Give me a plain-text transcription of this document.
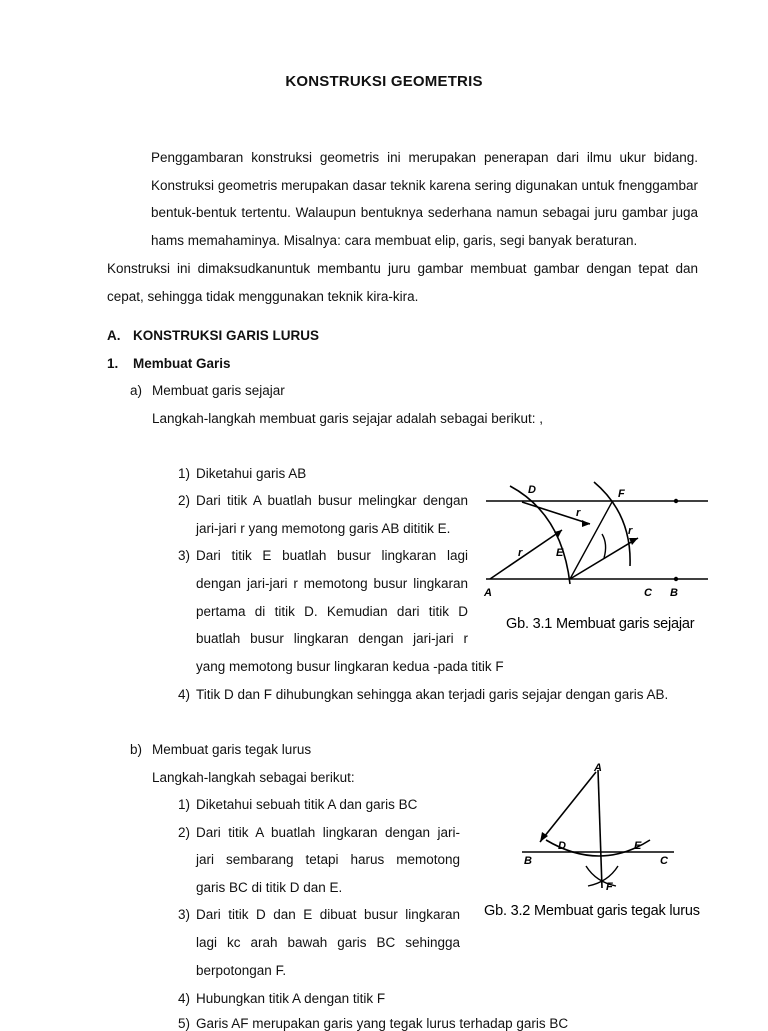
KONSTRUKSI GEOMETRIS
Penggambaran konstruksi geometris ini merupakan penerapan dari ilmu ukur bidang. Konstruksi geometris merupakan dasar teknik karena sering digunakan untuk fnenggambar bentuk-bentuk tertentu. Walaupun bentuknya sederhana namun sebagai juru gambar juga hams memahaminya. Misalnya: cara membuat elip, garis, segi banyak beraturan.
Konstruksi ini dimaksudkanuntuk membantu juru gambar membuat gambar dengan tepat dan cepat, sehingga tidak menggunakan teknik kira-kira.
A. KONSTRUKSI GARIS LURUS
1. Membuat Garis
a) Membuat garis sejajar
Langkah-langkah membuat garis sejajar adalah sebagai berikut: ,
1) Diketahui garis AB
2) Dari titik A buatlah busur melingkar dengan
jari-jari r yang memotong garis AB dititik E.
3) Dari titik E buatlah busur lingkaran lagi
dengan jari-jari r memotong busur lingkaran
pertama di titik D. Kemudian dari titik D
buatlah busur lingkaran dengan jari-jari r
yang memotong busur lingkaran kedua -pada titik F
4) Titik D dan F dihubungkan sehingga akan terjadi garis sejajar dengan garis AB.
A
D	F
E
C B
r
r
r
Gb. 3.1 Membuat garis sejajar
b) Membuat garis tegak lurus
Langkah-langkah sebagai berikut:
1) Diketahui sebuah titik A dan garis BC
2) Dari titik A buatlah lingkaran dengan jari-
jari sembarang tetapi harus memotong
garis BC di titik D dan E.
3) Dari titik D dan E dibuat busur lingkaran
lagi kc arah bawah garis BC sehingga
berpotongan F.
4) Hubungkan titik A dengan titik F
5) Garis AF merupakan garis yang tegak lurus terhadap garis BC
A
B	C
D	E
F
Gb. 3.2 Membuat garis tegak lurus
